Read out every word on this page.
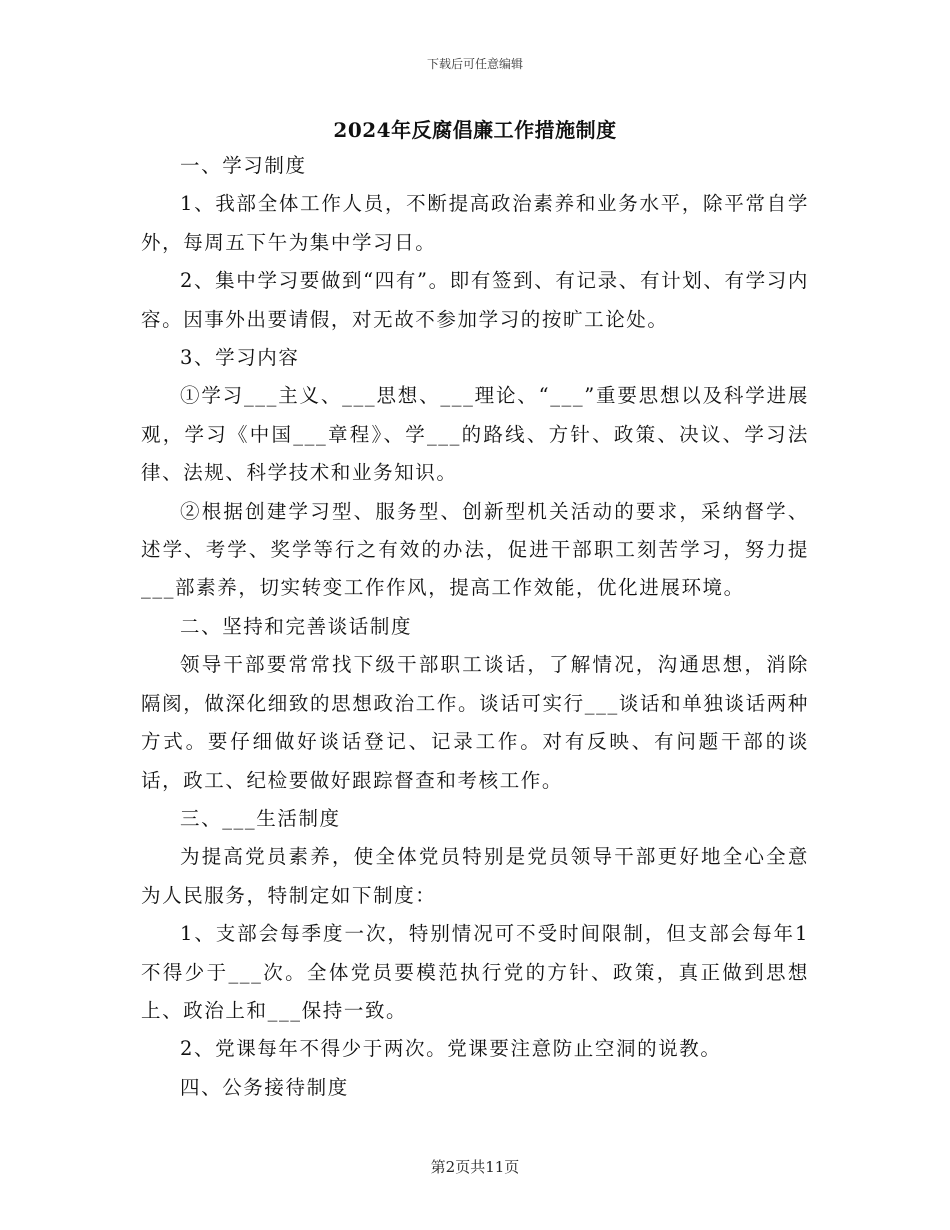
下载后可任意编辑
2024年反腐倡廉工作措施制度

一、学习制度

1、我部全体工作人员，不断提高政治素养和业务水平，除平常自学外，每周五下午为集中学习日。

2、集中学习要做到“四有”。即有签到、有记录、有计划、有学习内容。因事外出要请假，对无故不参加学习的按旷工论处。

3、学习内容

①学习___主义、___思想、___理论、“___”重要思想以及科学进展观，学习《中国___章程》、学___的路线、方针、政策、决议、学习法律、法规、科学技术和业务知识。

②根据创建学习型、服务型、创新型机关活动的要求，采纳督学、述学、考学、奖学等行之有效的办法，促进干部职工刻苦学习，努力提___部素养，切实转变工作作风，提高工作效能，优化进展环境。

二、坚持和完善谈话制度

领导干部要常常找下级干部职工谈话，了解情况，沟通思想，消除隔阂，做深化细致的思想政治工作。谈话可实行___谈话和单独谈话两种方式。要仔细做好谈话登记、记录工作。对有反映、有问题干部的谈话，政工、纪检要做好跟踪督查和考核工作。

三、___生活制度

为提高党员素养，使全体党员特别是党员领导干部更好地全心全意为人民服务，特制定如下制度：

1、支部会每季度一次，特别情况可不受时间限制，但支部会每年1不得少于___次。全体党员要模范执行党的方针、政策，真正做到思想上、政治上和___保持一致。

2、党课每年不得少于两次。党课要注意防止空洞的说教。

四、公务接待制度

第2页共11页
